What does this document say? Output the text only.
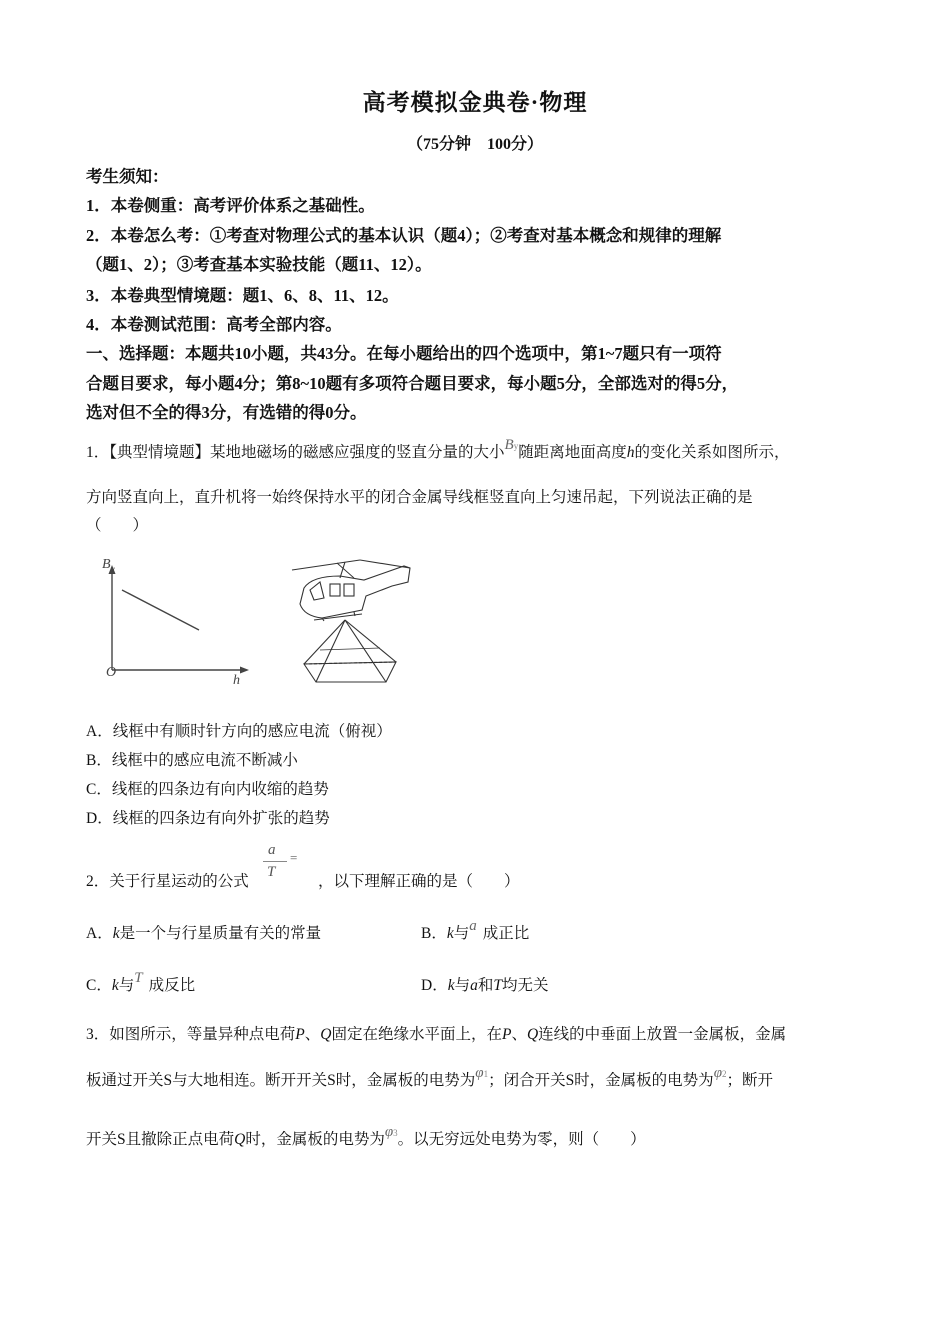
高考模拟金典卷·物理
（75分钟　100分）
考生须知：
1．本卷侧重：高考评价体系之基础性。
2．本卷怎么考：①考查对物理公式的基本认识（题4）；②考查对基本概念和规律的理解
（题1、2）；③考查基本实验技能（题11、12）。
3．本卷典型情境题：题1、6、8、11、12。
4．本卷测试范围：高考全部内容。
一、选择题：本题共10小题，共43分。在每小题给出的四个选项中，第1~7题只有一项符
合题目要求，每小题4分；第8~10题有多项符合题目要求，每小题5分，全部选对的得5分，
选对但不全的得3分，有选错的得0分。
1．【典型情境题】某地地磁场的磁感应强度的竖直分量的大小By随距离地面高度h的变化关系如图所示，
方向竖直向上，直升机将一始终保持水平的闭合金属导线框竖直向上匀速吊起，下列说法正确的是
（　　）
$B_y$
O
h
A．线框中有顺时针方向的感应电流（俯视）
B．线框中的感应电流不断减小
C．线框的四条边有向内收缩的趋势
D．线框的四条边有向外扩张的趋势
2．关于行星运动的公式
a
T
=
，以下理解正确的是（　　）
A．k是一个与行星质量有关的常量	B．k与a 成正比
C．k与T 成反比	D．k与a和T均无关
3．如图所示，等量异种点电荷P、Q固定在绝缘水平面上，在P、Q连线的中垂面上放置一金属板，金属
板通过开关S与大地相连。断开开关S时，金属板的电势为φ1；闭合开关S时，金属板的电势为φ2；断开
开关S且撤除正点电荷Q时，金属板的电势为φ3。以无穷远处电势为零，则（　　）
